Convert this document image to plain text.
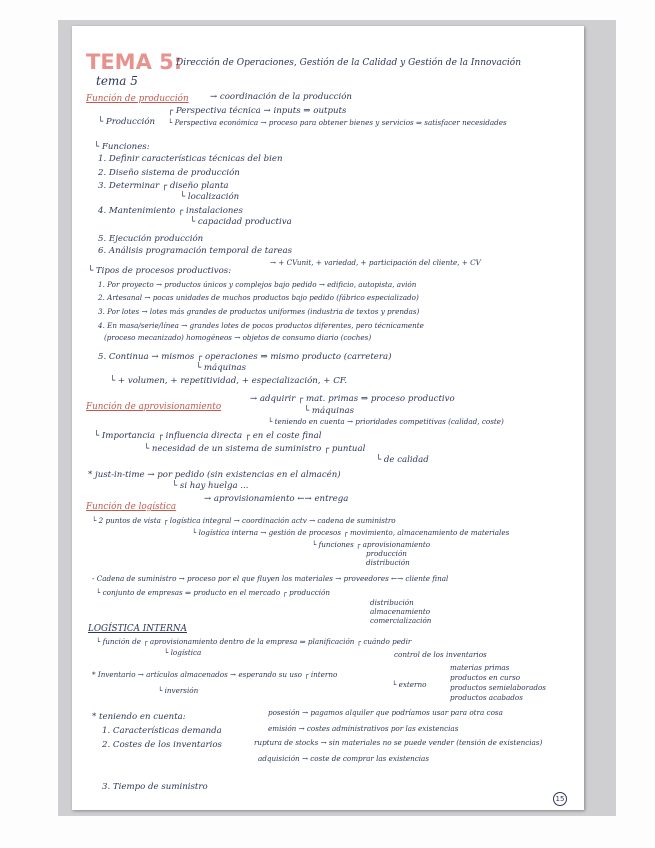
TEMA 5:
tema 5
Dirección de Operaciones, Gestión de la Calidad y Gestión de la Innovación
Función de producción → coordinación de la producción
┌ Perspectiva técnica → inputs ⇒ outputs
└ Producción └ Perspectiva económica → proceso para obtener bienes y servicios ⇒ satisfacer necesidades
└ Funciones:
1. Definir características técnicas del bien
2. Diseño sistema de producción
3. Determinar ┌ diseño planta
└ localización
4. Mantenimiento ┌ instalaciones
└ capacidad productiva
5. Ejecución producción
6. Análisis programación temporal de tareas
└ Tipos de procesos productivos:
→ + CVunit, + variedad, + participación del cliente, + CV
1. Por proyecto → productos únicos y complejos bajo pedido → edificio, autopista, avión
2. Artesanal → pocas unidades de muchos productos bajo pedido (fábrico especializado)
3. Por lotes → lotes más grandes de productos uniformes (industria de textos y prendas)
4. En masa/serie/línea → grandes lotes de pocos productos diferentes, pero técnicamente
(proceso mecanizado) homogéneos → objetos de consumo diario (coches)
5. Continua → mismos ┌ operaciones ⇒ mismo producto (carretera)
└ máquinas
└ + volumen, + repetitividad, + especialización, + CF.
Función de aprovisionamiento
→ adquirir ┌ mat. primas ⇒ proceso productivo
└ máquinas
└ teniendo en cuenta → prioridades competitivas (calidad, coste)
└ Importancia ┌ influencia directa ┌ en el coste final
└ necesidad de un sistema de suministro ┌ puntual
└ de calidad
* just-in-time → por pedido (sin existencias en el almacén)
└ si hay huelga ...
Función de logística
→ aprovisionamiento ←→ entrega
└ 2 puntos de vista ┌ logística integral → coordinación actv → cadena de suministro
└ logística interna → gestión de procesos ┌ movimiento, almacenamiento de materiales
└ funciones ┌ aprovisionamiento
producción
distribución
- Cadena de suministro → proceso por el que fluyen los materiales → proveedores ←→ cliente final
└ conjunto de empresas ⇒ producto en el mercado ┌ producción
distribución
almacenamiento
comercialización
LOGÍSTICA INTERNA
└ función de ┌ aprovisionamiento dentro de la empresa ⇒ planificación ┌ cuándo pedir
└ logística	control de los inventarios
* Inventario → artículos almacenados → esperando su uso ┌ interno
└ externo
└ inversión
materias primas
productos en curso
productos semielaborados
productos acabados
* teniendo en cuenta:	posesión → pagamos alquiler que podríamos usar para otra cosa
1. Características demanda	emisión → costes administrativos por las existencias
2. Costes de los inventarios	ruptura de stocks → sin materiales no se puede vender (tensión de existencias)
adquisición → coste de comprar las existencias
3. Tiempo de suministro
15
